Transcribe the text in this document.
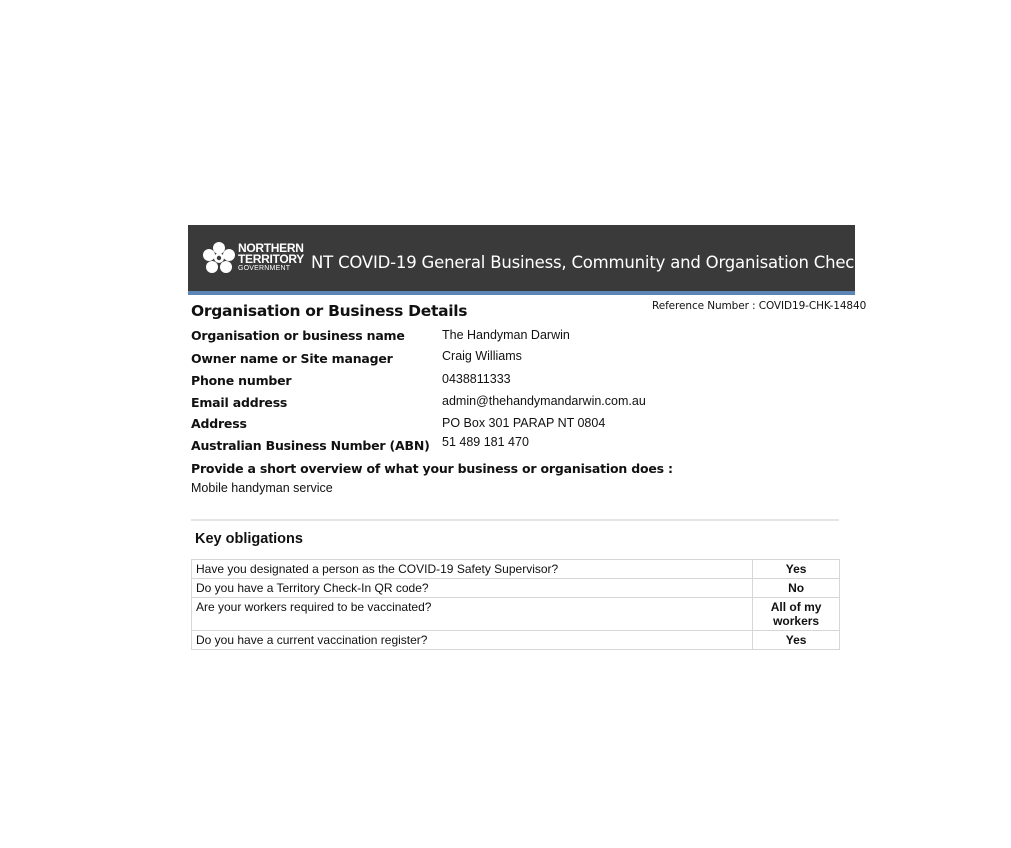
NORTHERN
TERRITORY
GOVERNMENT	NT COVID-19 General Business, Community and Organisation Checklist
Organisation or Business Details	Reference Number : COVID19-CHK-14840
Organisation or business name	The Handyman Darwin
Owner name or Site manager	Craig Williams
Phone number	0438811333
Email address	admin@thehandymandarwin.com.au
Address	PO Box 301 PARAP NT 0804
Australian Business Number (ABN) 51 489 181 470
Provide a short overview of what your business or organisation does :
Mobile handyman service
Key obligations
Have you designated a person as the COVID-19 Safety Supervisor?	Yes
Do you have a Territory Check-In QR code?	No
Are your workers required to be vaccinated?	All of my workers
Do you have a current vaccination register?	Yes
